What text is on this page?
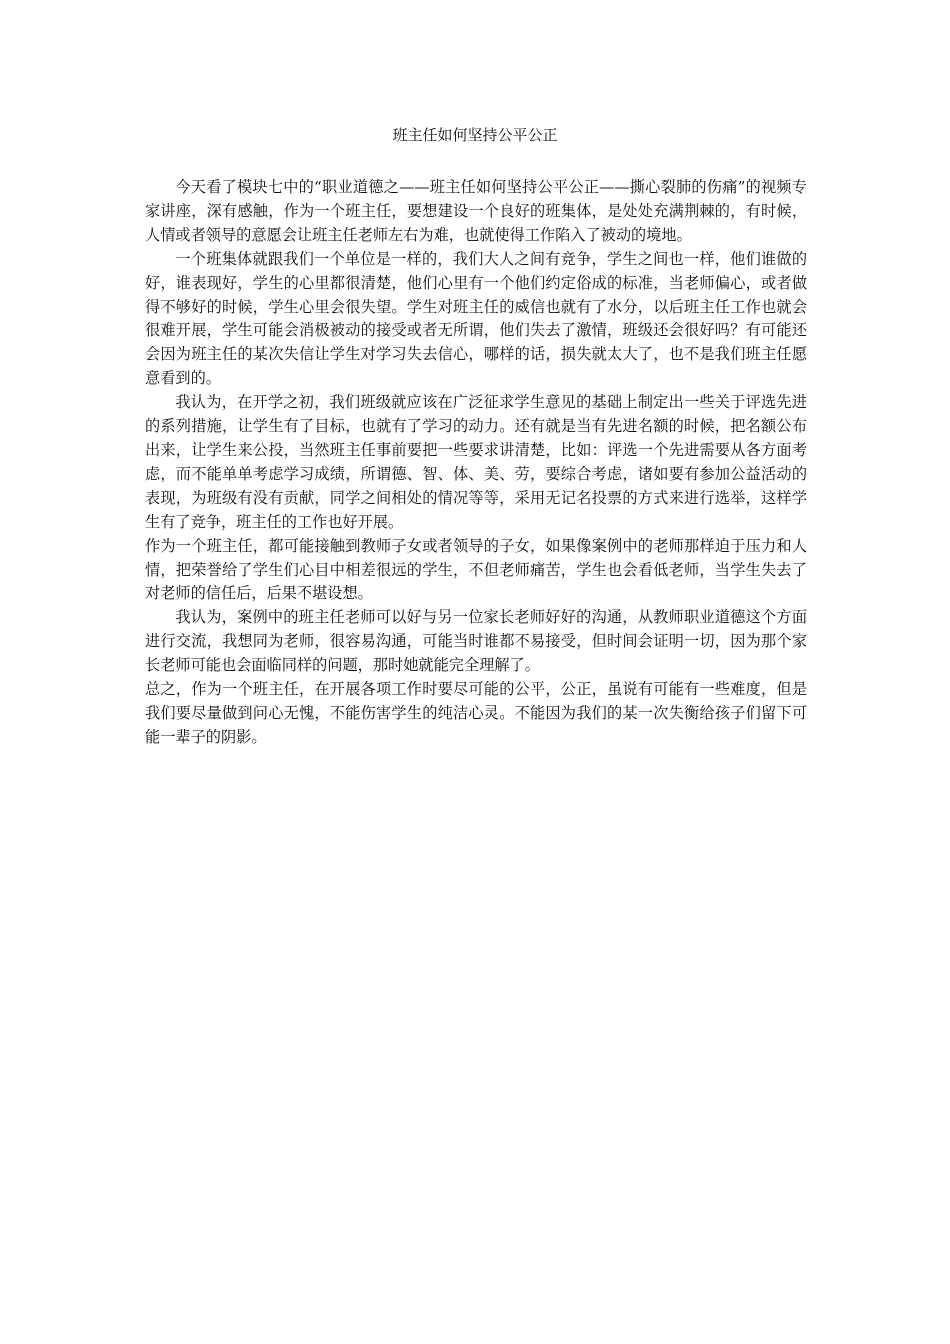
班主任如何坚持公平公正

今天看了模块七中的“职业道德之——班主任如何坚持公平公正——撕心裂肺的伤痛”的视频专家讲座，深有感触，作为一个班主任，要想建设一个良好的班集体，是处处充满荆棘的，有时候，人情或者领导的意愿会让班主任老师左右为难，也就使得工作陷入了被动的境地。

一个班集体就跟我们一个单位是一样的，我们大人之间有竞争，学生之间也一样，他们谁做的好，谁表现好，学生的心里都很清楚，他们心里有一个他们约定俗成的标准，当老师偏心，或者做得不够好的时候，学生心里会很失望。学生对班主任的威信也就有了水分，以后班主任工作也就会很难开展，学生可能会消极被动的接受或者无所谓，他们失去了激情，班级还会很好吗？有可能还会因为班主任的某次失信让学生对学习失去信心，哪样的话，损失就太大了，也不是我们班主任愿意看到的。

我认为，在开学之初，我们班级就应该在广泛征求学生意见的基础上制定出一些关于评选先进的系列措施，让学生有了目标，也就有了学习的动力。还有就是当有先进名额的时候，把名额公布出来，让学生来公投，当然班主任事前要把一些要求讲清楚，比如：评选一个先进需要从各方面考虑，而不能单单考虑学习成绩，所谓德、智、体、美、劳，要综合考虑，诸如要有参加公益活动的表现，为班级有没有贡献，同学之间相处的情况等等，采用无记名投票的方式来进行选举，这样学生有了竞争，班主任的工作也好开展。

作为一个班主任，都可能接触到教师子女或者领导的子女，如果像案例中的老师那样迫于压力和人情，把荣誉给了学生们心目中相差很远的学生，不但老师痛苦，学生也会看低老师，当学生失去了对老师的信任后，后果不堪设想。

我认为，案例中的班主任老师可以好与另一位家长老师好好的沟通，从教师职业道德这个方面进行交流，我想同为老师，很容易沟通，可能当时谁都不易接受，但时间会证明一切，因为那个家长老师可能也会面临同样的问题，那时她就能完全理解了。

总之，作为一个班主任，在开展各项工作时要尽可能的公平，公正，虽说有可能有一些难度，但是我们要尽量做到问心无愧，不能伤害学生的纯洁心灵。不能因为我们的某一次失衡给孩子们留下可能一辈子的阴影。
